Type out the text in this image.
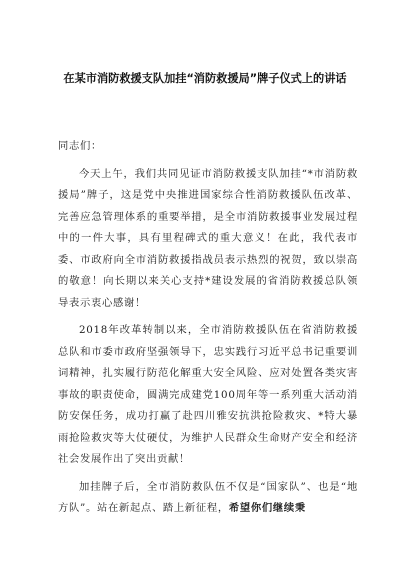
在某市消防救援支队加挂“消防救援局”牌子仪式上的讲话

同志们：

今天上午，我们共同见证市消防救援支队加挂“*市消防救援局”牌子，这是党中央推进国家综合性消防救援队伍改革、完善应急管理体系的重要举措，是全市消防救援事业发展过程中的一件大事，具有里程碑式的重大意义！在此，我代表市委、市政府向全市消防救援指战员表示热烈的祝贺，致以崇高的敬意！向长期以来关心支持*建设发展的省消防救援总队领导表示衷心感谢！

2018年改革转制以来，全市消防救援队伍在省消防救援总队和市委市政府坚强领导下，忠实践行习近平总书记重要训词精神，扎实履行防范化解重大安全风险、应对处置各类灾害事故的职责使命，圆满完成建党100周年等一系列重大活动消防安保任务，成功打赢了赴四川雅安抗洪抢险救灾、*特大暴雨抢险救灾等大仗硬仗，为维护人民群众生命财产安全和经济社会发展作出了突出贡献！

加挂牌子后，全市消防救队伍不仅是“国家队”、也是“地方队”。站在新起点、踏上新征程，希望你们继续秉
